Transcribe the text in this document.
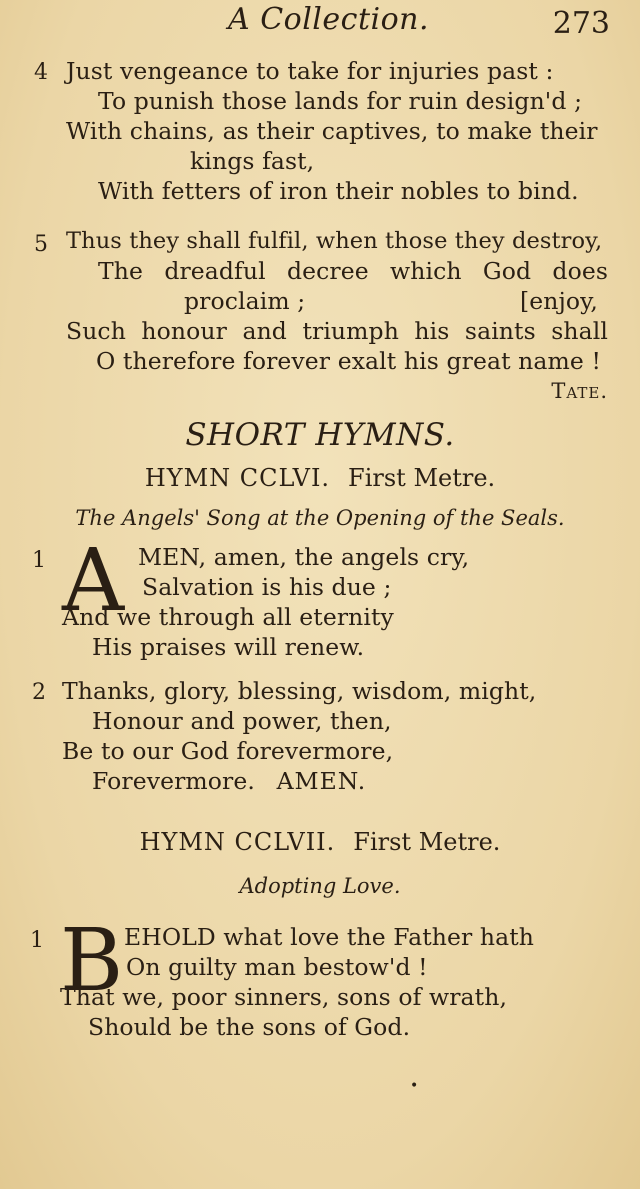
A Collection.	273
4 Just vengeance to take for injuries past :
To punish those lands for ruin design'd ;
With chains, as their captives, to make their
kings fast,
With fetters of iron their nobles to bind.
5 Thus they shall fulfil, when those they destroy,
The dreadful decree which God does
proclaim ;	[enjoy,
Such honour and triumph his saints shall
O therefore forever exalt his great name !
Tate.
SHORT HYMNS.
HYMN CCLVI. First Metre.
The Angels' Song at the Opening of the Seals.
1 A MEN, amen, the angels cry,
Salvation is his due ;
And we through all eternity
His praises will renew.
2 Thanks, glory, blessing, wisdom, might,
Honour and power, then,
Be to our God forevermore,
Forevermore. AMEN.
HYMN CCLVII. First Metre.
Adopting Love.
1 B EHOLD what love the Father hath
On guilty man bestow'd !
That we, poor sinners, sons of wrath,
Should be the sons of God.
•
